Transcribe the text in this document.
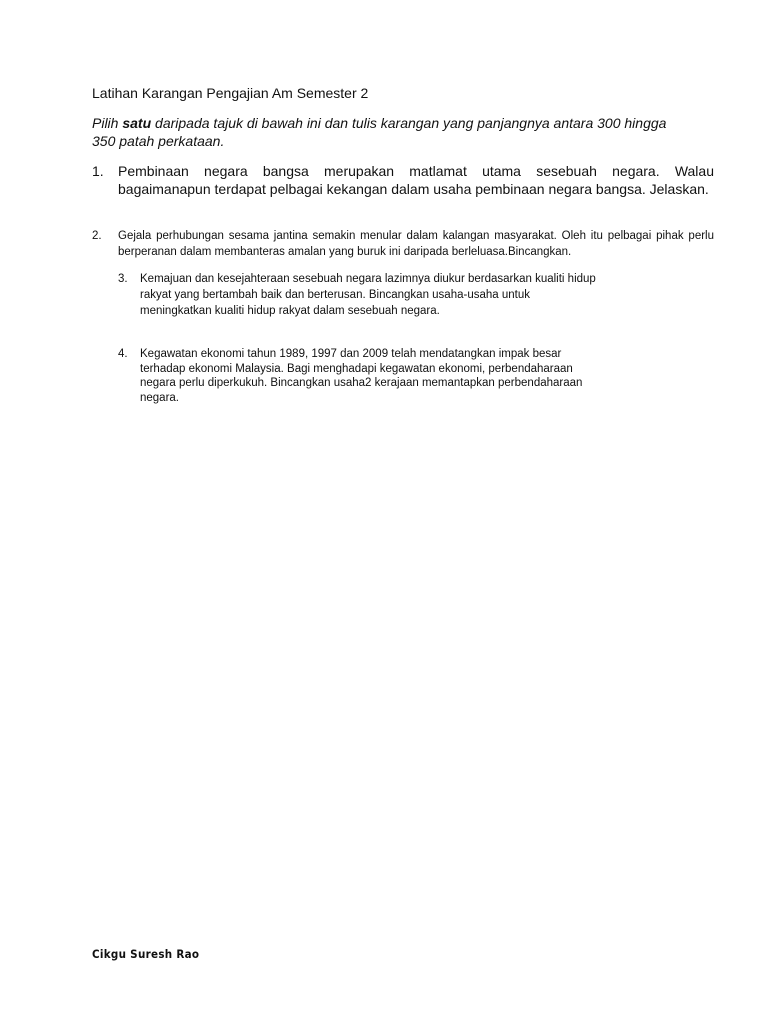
Latihan Karangan Pengajian Am Semester 2

Pilih satu daripada tajuk di bawah ini dan tulis karangan yang panjangnya antara 300 hingga 350 patah perkataan.

1.	Pembinaan negara bangsa merupakan matlamat utama sesebuah negara. Walau bagaimanapun terdapat pelbagai kekangan dalam usaha pembinaan negara bangsa. Jelaskan.
2.	Gejala perhubungan sesama jantina semakin menular dalam kalangan masyarakat. Oleh itu pelbagai pihak perlu berperanan dalam membanteras amalan yang buruk ini daripada berleluasa.Bincangkan.
3.	Kemajuan dan kesejahteraan sesebuah negara lazimnya diukur berdasarkan kualiti hidup
rakyat yang bertambah baik dan berterusan. Bincangkan usaha-usaha untuk
meningkatkan kualiti hidup rakyat dalam sesebuah negara.
4.	Kegawatan ekonomi tahun 1989, 1997 dan 2009 telah mendatangkan impak besar
terhadap ekonomi Malaysia. Bagi menghadapi kegawatan ekonomi, perbendaharaan
negara perlu diperkukuh. Bincangkan usaha2 kerajaan memantapkan perbendaharaan
negara.

Cikgu Suresh Rao
